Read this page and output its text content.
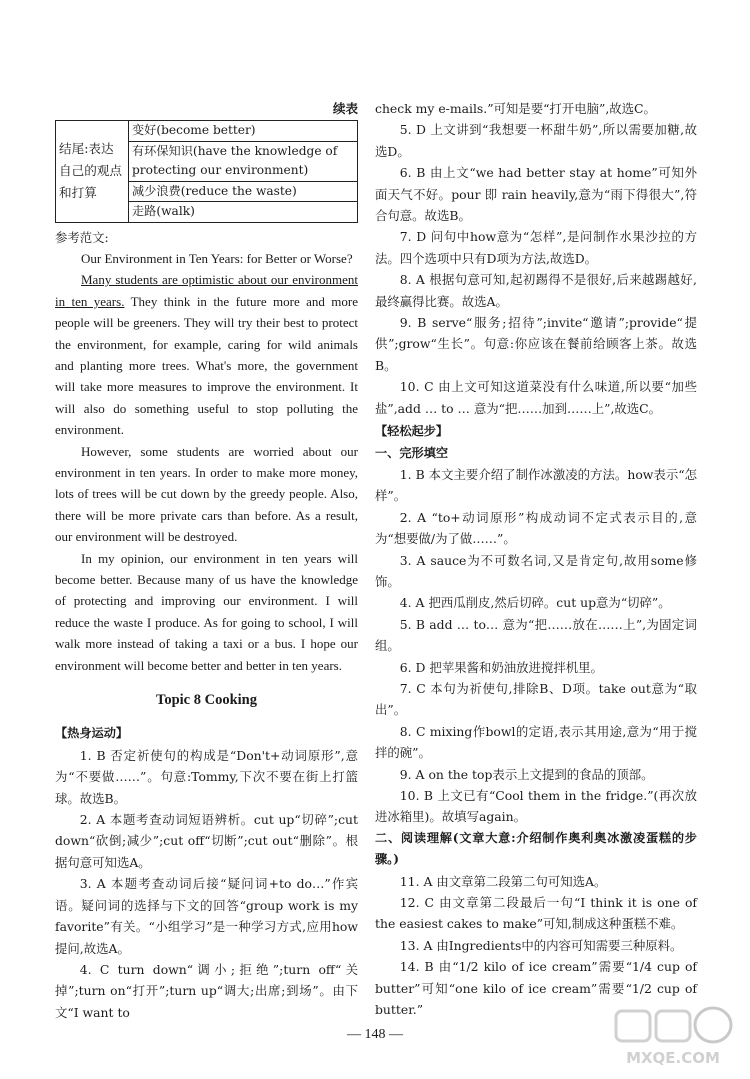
续表
结尾:表达自己的观点和打算	变好(become better)
有环保知识(have the knowledge of protecting our environment)
减少浪费(reduce the waste)
走路(walk)

参考范文:

Our Environment in Ten Years: for Better or Worse?

Many students are optimistic about our environment in ten years. They think in the future more and more people will be greeners. They will try their best to protect the environment, for example, caring for wild animals and planting more trees. What's more, the government will take more measures to improve the environment. It will also do something useful to stop polluting the environment.

However, some students are worried about our environment in ten years. In order to make more money, lots of trees will be cut down by the greedy people. Also, there will be more private cars than before. As a result, our environment will be destroyed.

In my opinion, our environment in ten years will become better. Because many of us have the knowledge of protecting and improving our environment. I will reduce the waste I produce. As for going to school, I will walk more instead of taking a taxi or a bus. I hope our environment will become better and better in ten years.

Topic 8 Cooking

【热身运动】

1. B 否定祈使句的构成是“Don't+动词原形”,意为“不要做……”。句意:Tommy,下次不要在街上打篮球。故选B。

2. A 本题考查动词短语辨析。cut up“切碎”;cut down“砍倒;减少”;cut off“切断”;cut out“删除”。根据句意可知选A。

3. A 本题考查动词后接“疑问词+to do…”作宾语。疑问词的选择与下文的回答“group work is my favorite”有关。“小组学习”是一种学习方式,应用how提问,故选A。

4. C turn down“调小;拒绝”;turn off“关掉”;turn on“打开”;turn up“调大;出席;到场”。由下文“I want to

check my e-mails.”可知是要“打开电脑”,故选C。

5. D 上文讲到“我想要一杯甜牛奶”,所以需要加糖,故选D。

6. B 由上文“we had better stay at home”可知外面天气不好。pour 即 rain heavily,意为“雨下得很大”,符合句意。故选B。

7. D 问句中how意为“怎样”,是问制作水果沙拉的方法。四个选项中只有D项为方法,故选D。

8. A 根据句意可知,起初踢得不是很好,后来越踢越好,最终赢得比赛。故选A。

9. B serve“服务;招待”;invite“邀请”;provide“提供”;grow“生长”。句意:你应该在餐前给顾客上茶。故选B。

10. C 由上文可知这道菜没有什么味道,所以要“加些盐”,add … to … 意为“把……加到……上”,故选C。

【轻松起步】

一、完形填空

1. B 本文主要介绍了制作冰激凌的方法。how表示“怎样”。

2. A “to+动词原形”构成动词不定式表示目的,意为“想要做/为了做……”。

3. A sauce为不可数名词,又是肯定句,故用some修饰。

4. A 把西瓜削皮,然后切碎。cut up意为“切碎”。

5. B add … to… 意为“把……放在……上”,为固定词组。

6. D 把苹果酱和奶油放进搅拌机里。

7. C 本句为祈使句,排除B、D项。take out意为“取出”。

8. C mixing作bowl的定语,表示其用途,意为“用于搅拌的碗”。

9. A on the top表示上文提到的食品的顶部。

10. B 上文已有“Cool them in the fridge.”(再次放进冰箱里)。故填写again。

二、阅读理解(文章大意:介绍制作奥利奥冰激凌蛋糕的步骤。)

11. A 由文章第二段第二句可知选A。

12. C 由文章第二段最后一句“I think it is one of the easiest cakes to make”可知,制成这种蛋糕不难。

13. A 由Ingredients中的内容可知需要三种原料。

14. B 由“1/2 kilo of ice cream”需要“1/4 cup of butter”可知“one kilo of ice cream”需要“1/2 cup of butter.”

— 148 —
MXQE.COM
